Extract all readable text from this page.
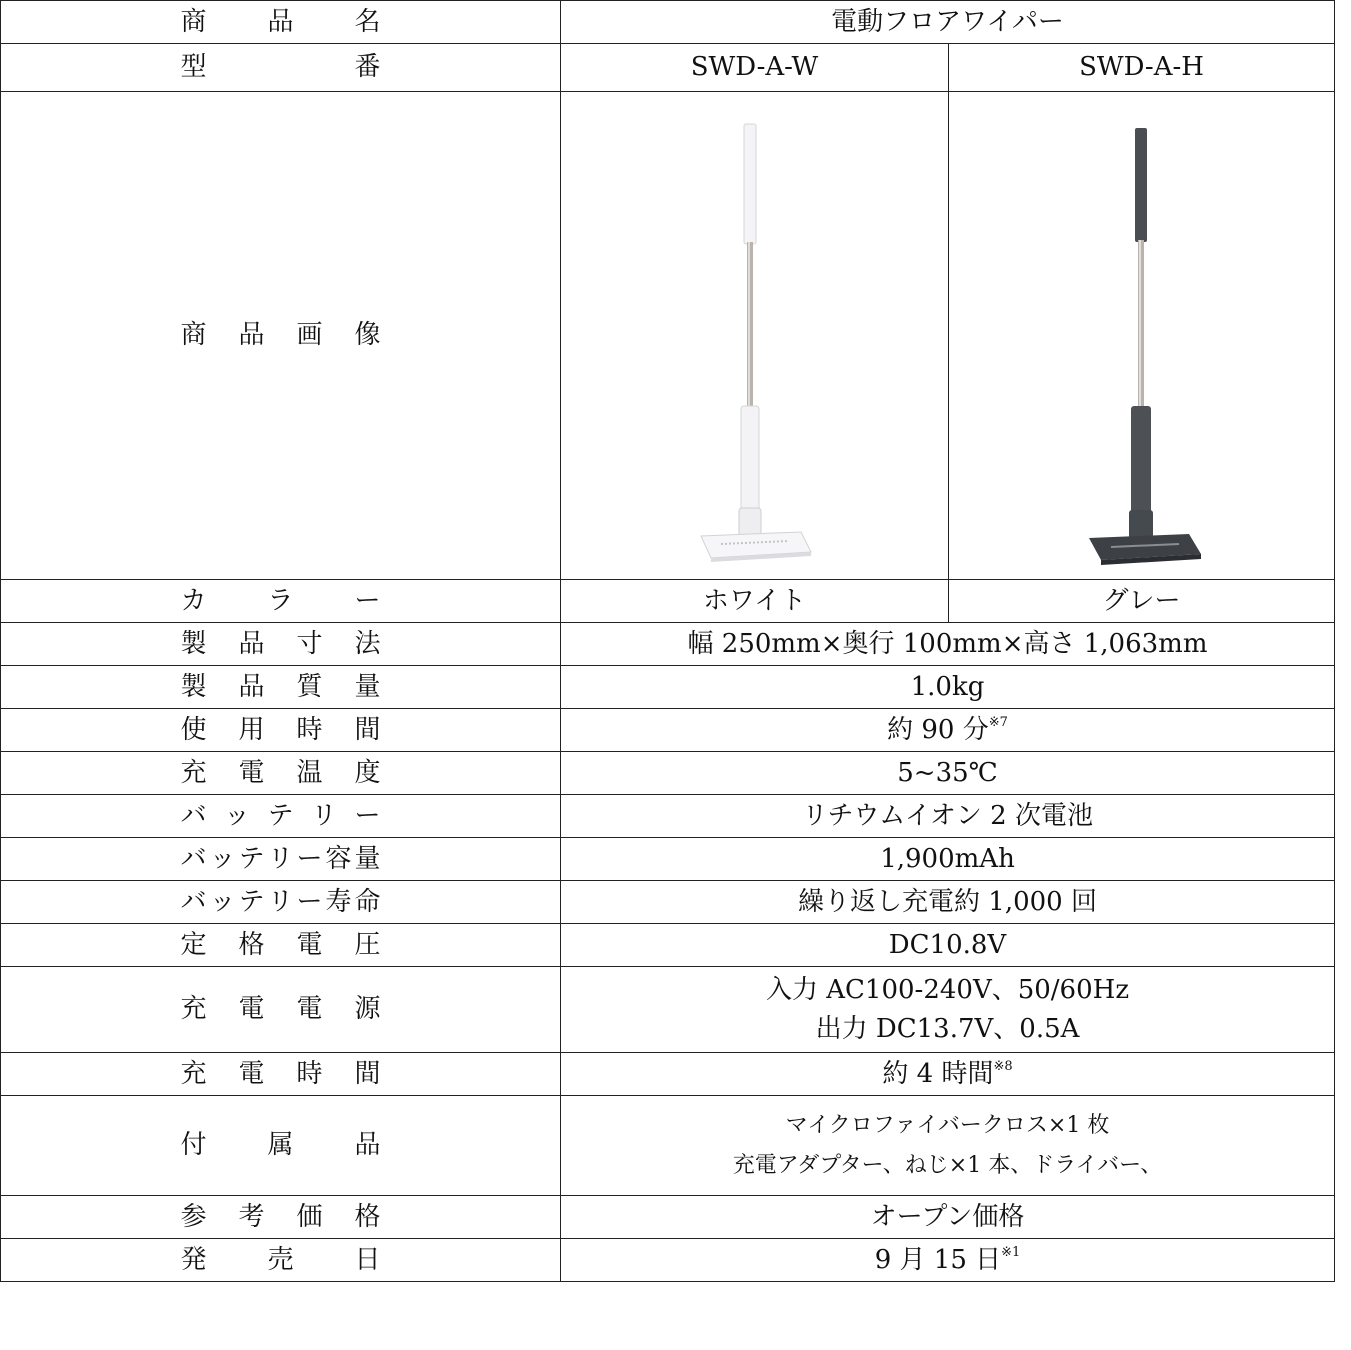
商　品　名	電動フロアワイパー	
型　　番	SWD-A-W	SWD-A-H
商品画像	

カラー	ホワイト	グレー
製品寸法	幅 250mm×奥行 100mm×高さ 1,063mm	
製品質量	1.0kg	
使用時間	約 90 分$^{※7}$
充電温度	5~35℃	
バッテリー	リチウムイオン 2 次電池	
バッテリー容量	1,900mAh	
バッテリー寿命	繰り返し充電約 1,000 回	
定格電圧	DC10.8V	
充電電源	入力 AC100-240V、50/60Hz
出力 DC13.7V、0.5A	

充電時間	約 4 時間$^{※8}$
付属品	マイクロファイバークロス×1 枚
充電アダプター、ねじ×1 本、ドライバー、	

参考価格	オープン価格	
発売日	9 月 15 日$^{※1}$
